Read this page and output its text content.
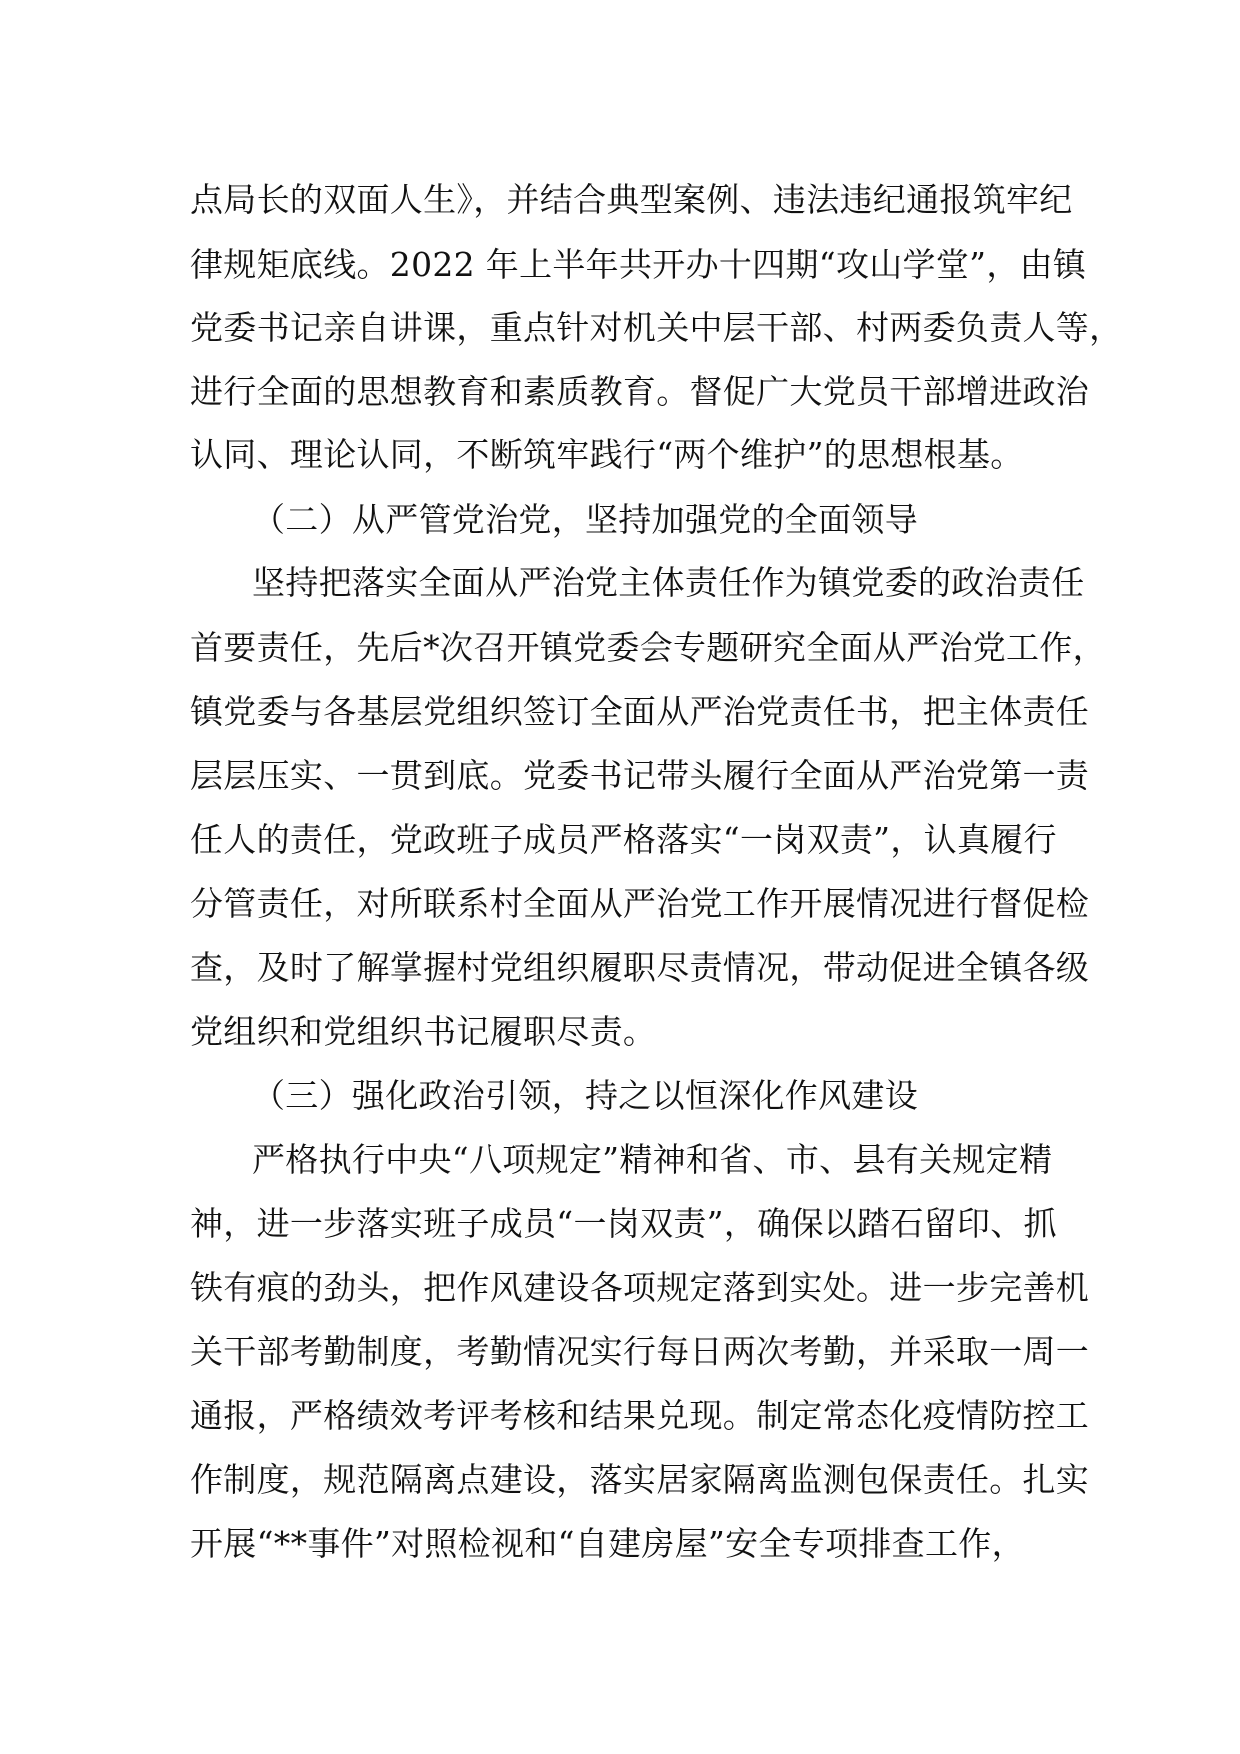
点局长的双面人生》，并结合典型案例、违法违纪通报筑牢纪
律规矩底线。2022 年上半年共开办十四期“攻山学堂”，由镇
党委书记亲自讲课，重点针对机关中层干部、村两委负责人等，
进行全面的思想教育和素质教育。督促广大党员干部增进政治
认同、理论认同，不断筑牢践行“两个维护”的思想根基。
（二）从严管党治党，坚持加强党的全面领导
坚持把落实全面从严治党主体责任作为镇党委的政治责任
首要责任，先后*次召开镇党委会专题研究全面从严治党工作，
镇党委与各基层党组织签订全面从严治党责任书，把主体责任
层层压实、一贯到底。党委书记带头履行全面从严治党第一责
任人的责任，党政班子成员严格落实“一岗双责”，认真履行
分管责任，对所联系村全面从严治党工作开展情况进行督促检
查，及时了解掌握村党组织履职尽责情况，带动促进全镇各级
党组织和党组织书记履职尽责。
（三）强化政治引领，持之以恒深化作风建设
严格执行中央“八项规定”精神和省、市、县有关规定精
神，进一步落实班子成员“一岗双责”，确保以踏石留印、抓
铁有痕的劲头，把作风建设各项规定落到实处。进一步完善机
关干部考勤制度，考勤情况实行每日两次考勤，并采取一周一
通报，严格绩效考评考核和结果兑现。制定常态化疫情防控工
作制度，规范隔离点建设，落实居家隔离监测包保责任。扎实
开展“**事件”对照检视和“自建房屋”安全专项排查工作，
